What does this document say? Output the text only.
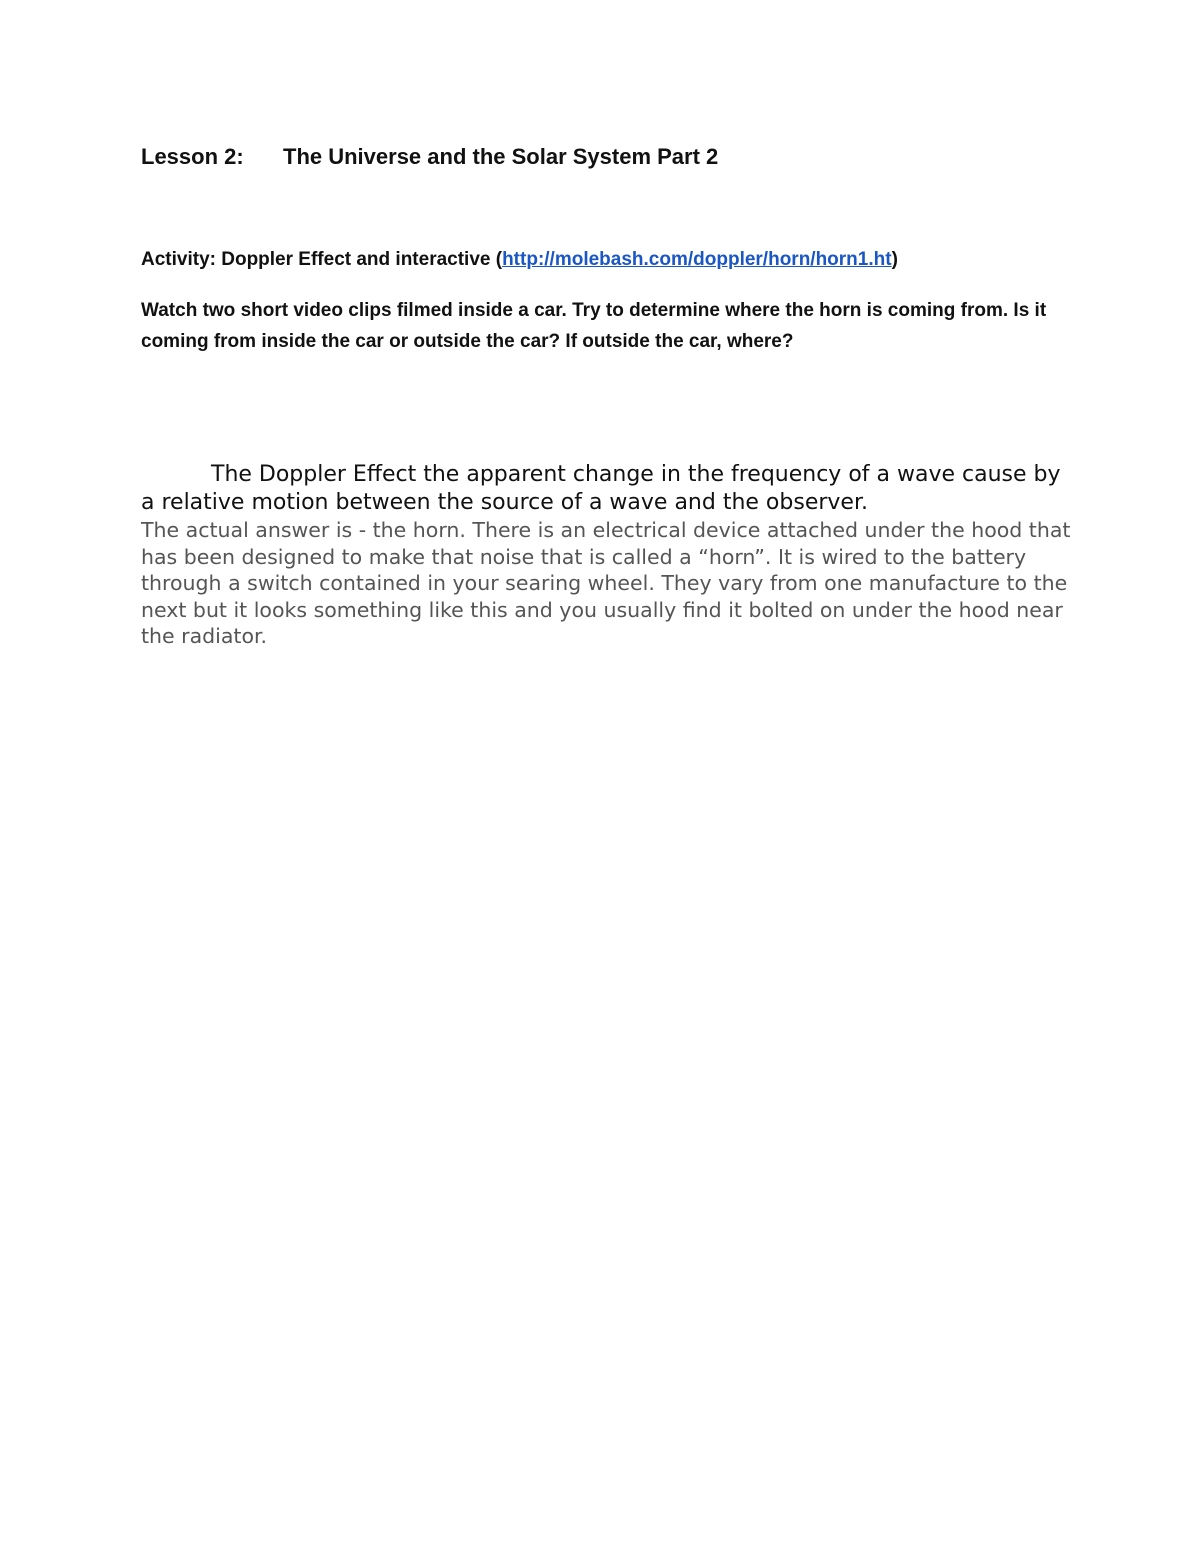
Lesson 2: The Universe and the Solar System Part 2
Activity: Doppler Effect and interactive (http://molebash.com/doppler/horn/horn1.ht)
Watch two short video clips filmed inside a car. Try to determine where the horn is coming from. Is it coming from inside the car or outside the car? If outside the car, where?
The Doppler Effect the apparent change in the frequency of a wave cause by a relative motion between the source of a wave and the observer.
The actual answer is - the horn. There is an electrical device attached under the hood that has been designed to make that noise that is called a “horn”. It is wired to the battery through a switch contained in your searing wheel. They vary from one manufacture to the next but it looks something like this and you usually find it bolted on under the hood near the radiator.
